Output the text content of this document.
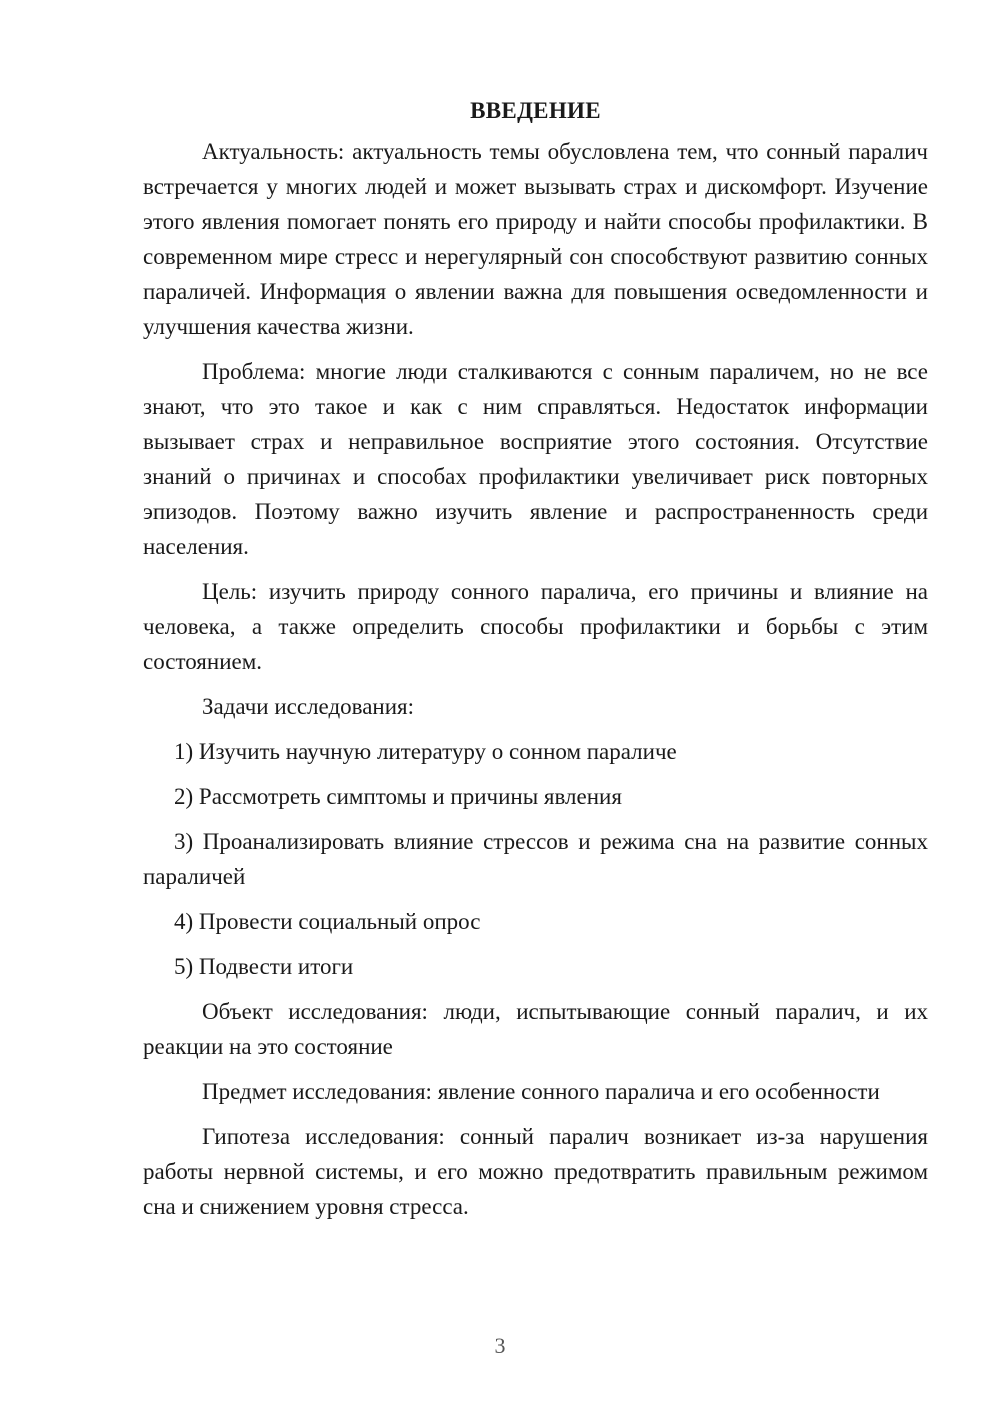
ВВЕДЕНИЕ

Актуальность: актуальность темы обусловлена тем, что сонный паралич встречается у многих людей и может вызывать страх и дискомфорт. Изучение этого явления помогает понять его природу и найти способы профилактики. В современном мире стресс и нерегулярный сон способствуют развитию сонных параличей. Информация о явлении важна для повышения осведомленности и улучшения качества жизни.

Проблема: многие люди сталкиваются с сонным параличем, но не все знают, что это такое и как с ним справляться. Недостаток информации вызывает страх и неправильное восприятие этого состояния. Отсутствие знаний о причинах и способах профилактики увеличивает риск повторных эпизодов. Поэтому важно изучить явление и распространенность среди населения.

Цель: изучить природу сонного паралича, его причины и влияние на человека, а также определить способы профилактики и борьбы с этим состоянием.

Задачи исследования:

1) Изучить научную литературу о сонном параличе

2) Рассмотреть симптомы и причины явления

3) Проанализировать влияние стрессов и режима сна на развитие сонных параличей

4) Провести социальный опрос

5) Подвести итоги

Объект исследования: люди, испытывающие сонный паралич, и их реакции на это состояние

Предмет исследования: явление сонного паралича и его особенности

Гипотеза исследования: сонный паралич возникает из-за нарушения работы нервной системы, и его можно предотвратить правильным режимом сна и снижением уровня стресса.

3
